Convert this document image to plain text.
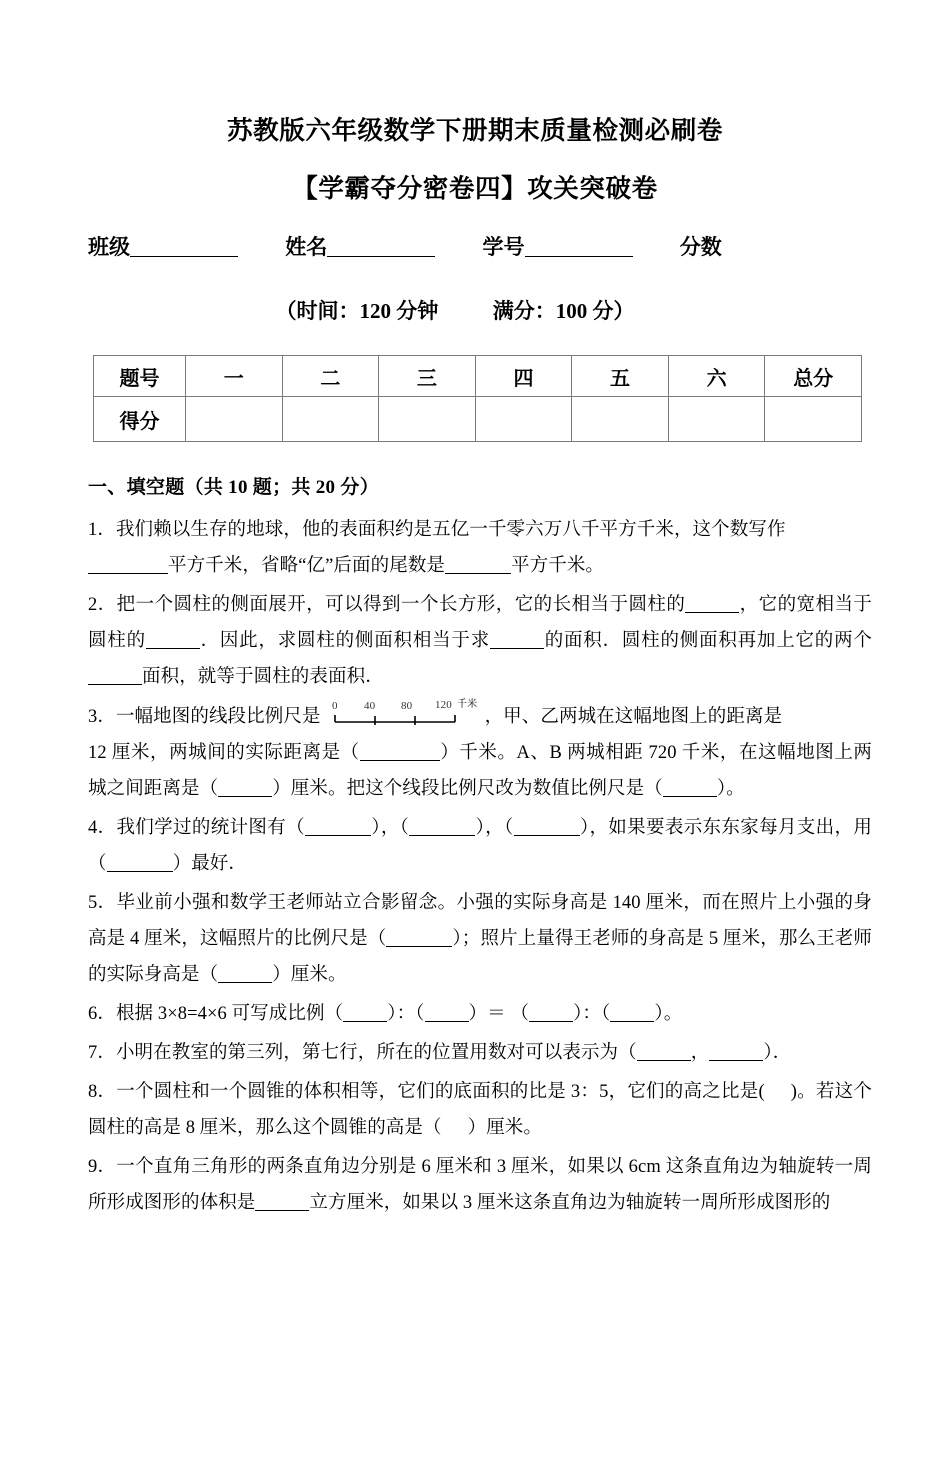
苏教版六年级数学下册期末质量检测必刷卷
【学霸夺分密卷四】攻关突破卷
班级	姓名	学号	分数
（时间：120 分钟	满分：100 分）
题号	一	二	三	四	五	六	总分
得分							
一、填空题（共 10 题；共 20 分）
1．我们赖以生存的地球，他的表面积约是五亿一千零六万八千平方千米，这个数写作
平方千米，省略“亿”后面的尾数是	平方千米。
2．把一个圆柱的侧面展开，可以得到一个长方形，它的长相当于圆柱的	，它的宽相当于圆柱的	．因此，求圆柱的侧面积相当于求	的面积．圆柱的侧面积再加上它的两个面积，就等于圆柱的表面积．
3．一幅地图的线段比例尺是
0 40 80 120 千米
，甲、乙两城在这幅地图上的距离是
12 厘米，两城间的实际距离是（	）千米。A、B 两城相距 720 千米，在这幅地图上两城之间距离是（	）厘米。把这个线段比例尺改为数值比例尺是（	）。
4．我们学过的统计图有（	），（	），（	），如果要表示东东家每月支出，用（	）最好．
5．毕业前小强和数学王老师站立合影留念。小强的实际身高是 140 厘米，而在照片上小强的身高是 4 厘米，这幅照片的比例尺是（	）；照片上量得王老师的身高是 5 厘米，那么王老师的实际身高是（	）厘米。
6．根据 3×8=4×6 可写成比例（ ）：（ ）＝ （ ）：（ ）。
7．小明在教室的第三列，第七行，所在的位置用数对可以表示为（	，	）．
8．一个圆柱和一个圆锥的体积相等，它们的底面积的比是 3：5，它们的高之比是( )。若这个圆柱的高是 8 厘米，那么这个圆锥的高是（ ）厘米。
9．一个直角三角形的两条直角边分别是 6 厘米和 3 厘米，如果以 6cm 这条直角边为轴旋转一周所形成图形的体积是	立方厘米，如果以 3 厘米这条直角边为轴旋转一周所形成图形的
